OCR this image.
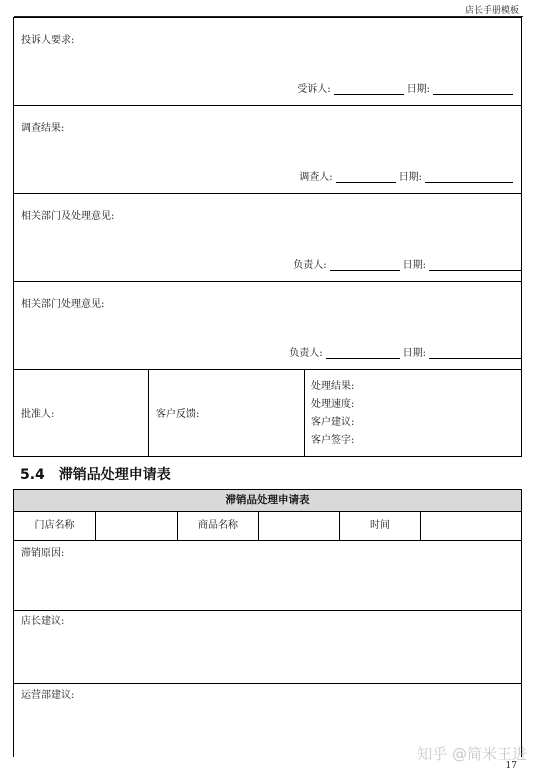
店长手册模板
投诉人要求:
受诉人:	日期:
调查结果:
调查人:	日期:
相关部门及处理意见:
负责人:	日期:
相关部门处理意见:
负责人:	日期:
批准人:	客户反馈:
处理结果:
处理速度:
客户建议:
客户签字:
5.4 滞销品处理申请表
滞销品处理申请表
门店名称	商品名称	时间
滞销原因:
店长建议:
运营部建议:
知乎 @简米王进
17
